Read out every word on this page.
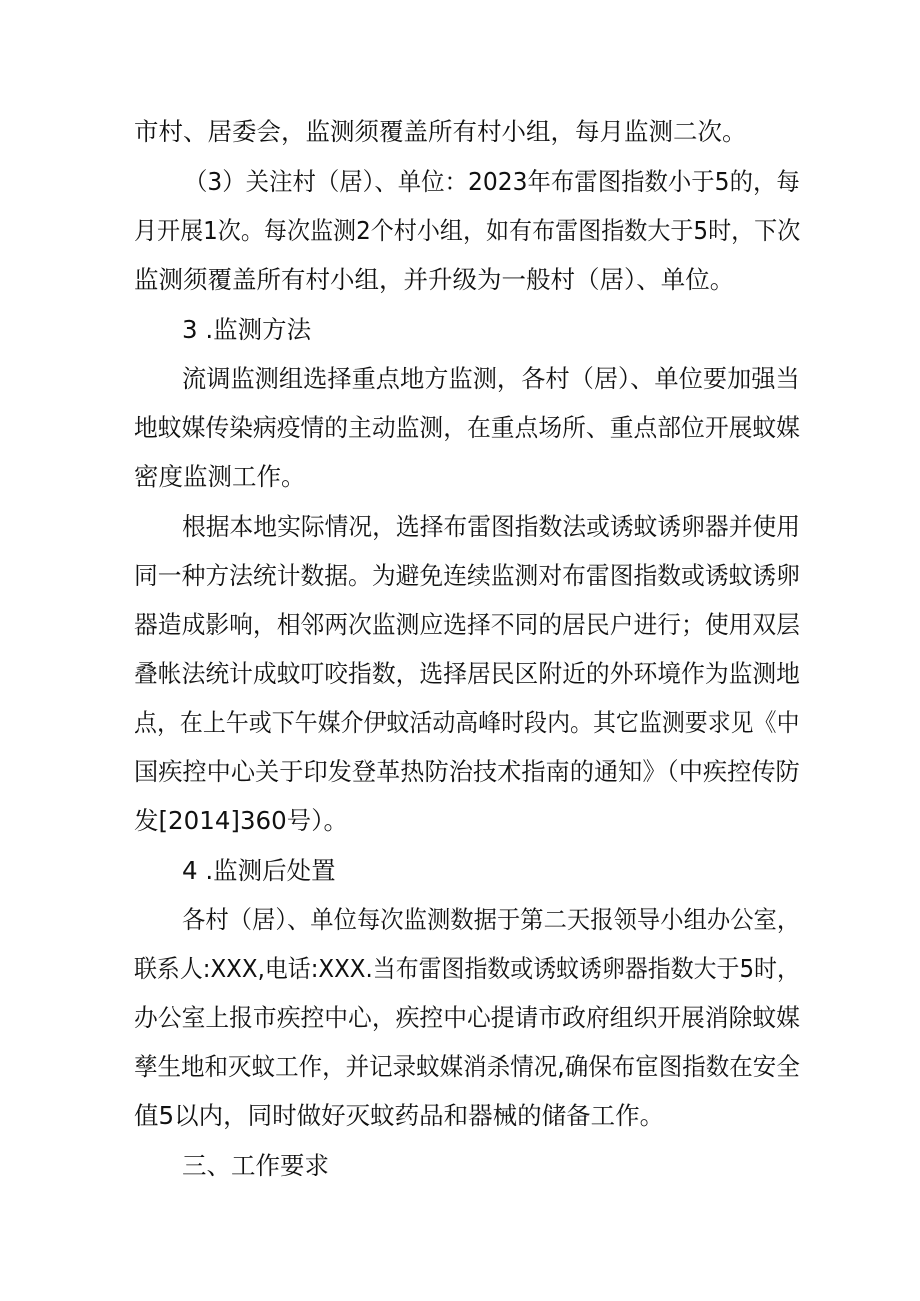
市村、居委会，监测须覆盖所有村小组，每月监测二次。
（3）关注村（居）、单位：2023年布雷图指数小于5的，每
月开展1次。每次监测2个村小组，如有布雷图指数大于5时，下次
监测须覆盖所有村小组，并升级为一般村（居）、单位。
3 .监测方法
流调监测组选择重点地方监测，各村（居）、单位要加强当
地蚊媒传染病疫情的主动监测，在重点场所、重点部位开展蚊媒
密度监测工作。
根据本地实际情况，选择布雷图指数法或诱蚊诱卵器并使用
同一种方法统计数据。为避免连续监测对布雷图指数或诱蚊诱卵
器造成影响，相邻两次监测应选择不同的居民户进行；使用双层
叠帐法统计成蚊叮咬指数，选择居民区附近的外环境作为监测地
点，在上午或下午媒介伊蚊活动高峰时段内。其它监测要求见《中
国疾控中心关于印发登革热防治技术指南的通知》（中疾控传防
发[2014]360号）。
4 .监测后处置
各村（居）、单位每次监测数据于第二天报领导小组办公室，
联系人:XXX,电话:XXX.当布雷图指数或诱蚊诱卵器指数大于5时，
办公室上报市疾控中心，疾控中心提请市政府组织开展消除蚊媒
孳生地和灭蚊工作，并记录蚊媒消杀情况,确保布宦图指数在安全
值5以内，同时做好灭蚊药品和器械的储备工作。
三、工作要求
